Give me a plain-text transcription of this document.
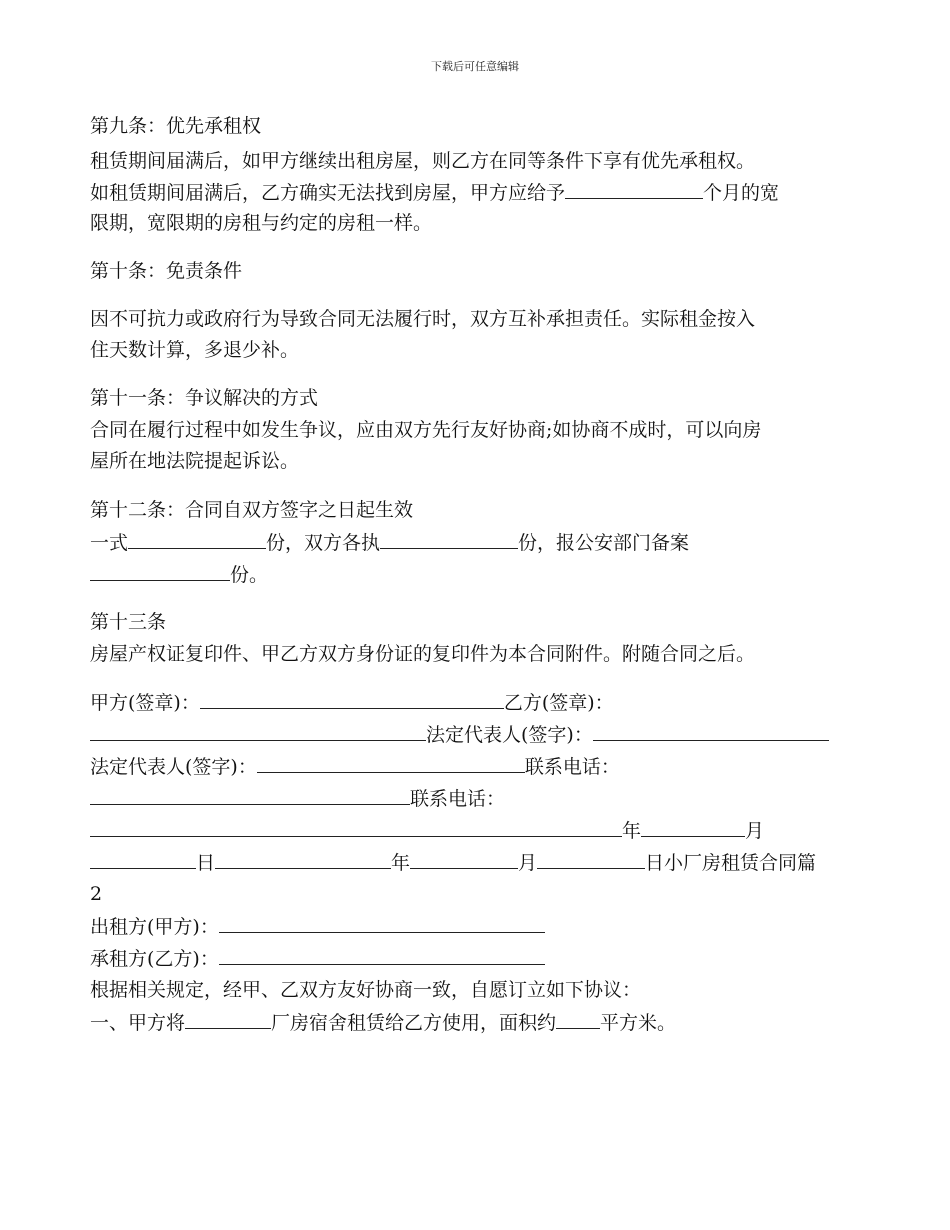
下载后可任意编辑
第九条：优先承租权
租赁期间届满后，如甲方继续出租房屋，则乙方在同等条件下享有优先承租权。
如租赁期间届满后，乙方确实无法找到房屋，甲方应给予	个月的宽
限期，宽限期的房租与约定的房租一样。
第十条：免责条件
因不可抗力或政府行为导致合同无法履行时，双方互补承担责任。实际租金按入
住天数计算，多退少补。
第十一条：争议解决的方式
合同在履行过程中如发生争议，应由双方先行友好协商;如协商不成时，可以向房
屋所在地法院提起诉讼。
第十二条：合同自双方签字之日起生效
一式	份，双方各执	份，报公安部门备案
份。
第十三条
房屋产权证复印件、甲乙方双方身份证的复印件为本合同附件。附随合同之后。
甲方(签章)：	乙方(签章)：
法定代表人(签字)：
法定代表人(签字)：	联系电话：
联系电话：
年	月
日	年	月	日小厂房租赁合同篇
2
出租方(甲方)：
承租方(乙方)：
根据相关规定，经甲、乙双方友好协商一致，自愿订立如下协议：
一、甲方将	厂房宿舍租赁给乙方使用，面积约 平方米。
